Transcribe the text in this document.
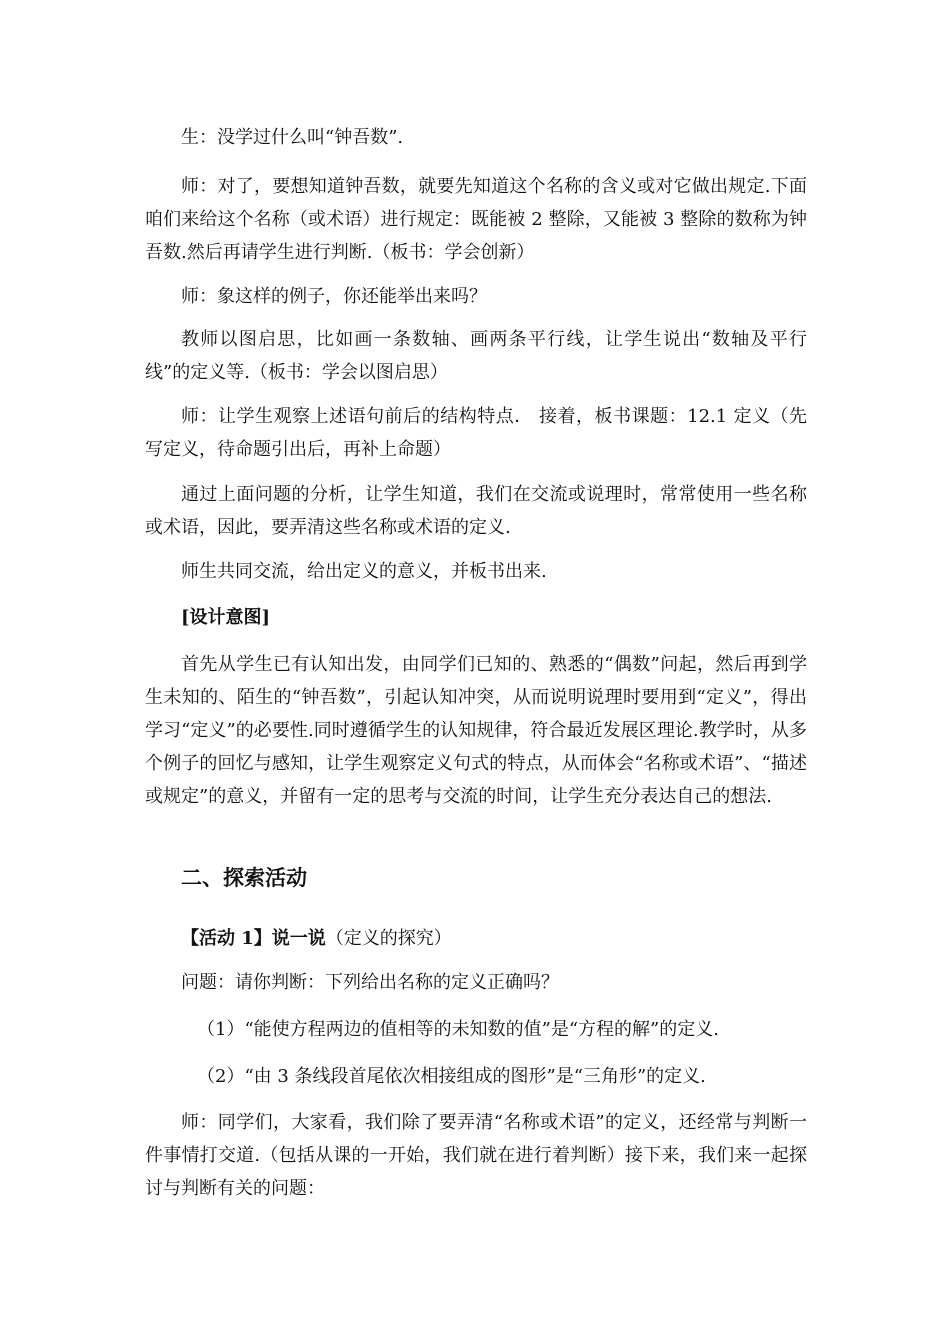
生：没学过什么叫“钟吾数”.

师：对了，要想知道钟吾数，就要先知道这个名称的含义或对它做出规定.下面咱们来给这个名称（或术语）进行规定：既能被 2 整除，又能被 3 整除的数称为钟吾数.然后再请学生进行判断.（板书：学会创新）

师：象这样的例子，你还能举出来吗？

教师以图启思，比如画一条数轴、画两条平行线，让学生说出“数轴及平行线”的定义等.（板书：学会以图启思）

师：让学生观察上述语句前后的结构特点． 接着，板书课题：12.1 定义（先写定义，待命题引出后，再补上命题）

通过上面问题的分析，让学生知道，我们在交流或说理时，常常使用一些名称或术语，因此，要弄清这些名称或术语的定义.

师生共同交流，给出定义的意义，并板书出来.

[设计意图]

首先从学生已有认知出发，由同学们已知的、熟悉的“偶数”问起，然后再到学生未知的、陌生的“钟吾数”，引起认知冲突，从而说明说理时要用到“定义”，得出学习“定义”的必要性.同时遵循学生的认知规律，符合最近发展区理论.教学时，从多个例子的回忆与感知，让学生观察定义句式的特点，从而体会“名称或术语”、“描述或规定”的意义，并留有一定的思考与交流的时间，让学生充分表达自己的想法.

二、探索活动

【活动 1】说一说（定义的探究）

问题：请你判断：下列给出名称的定义正确吗？

（1）“能使方程两边的值相等的未知数的值”是“方程的解”的定义.

（2）“由 3 条线段首尾依次相接组成的图形”是“三角形”的定义.

师：同学们，大家看，我们除了要弄清“名称或术语”的定义，还经常与判断一件事情打交道.（包括从课的一开始，我们就在进行着判断）接下来，我们来一起探讨与判断有关的问题：
